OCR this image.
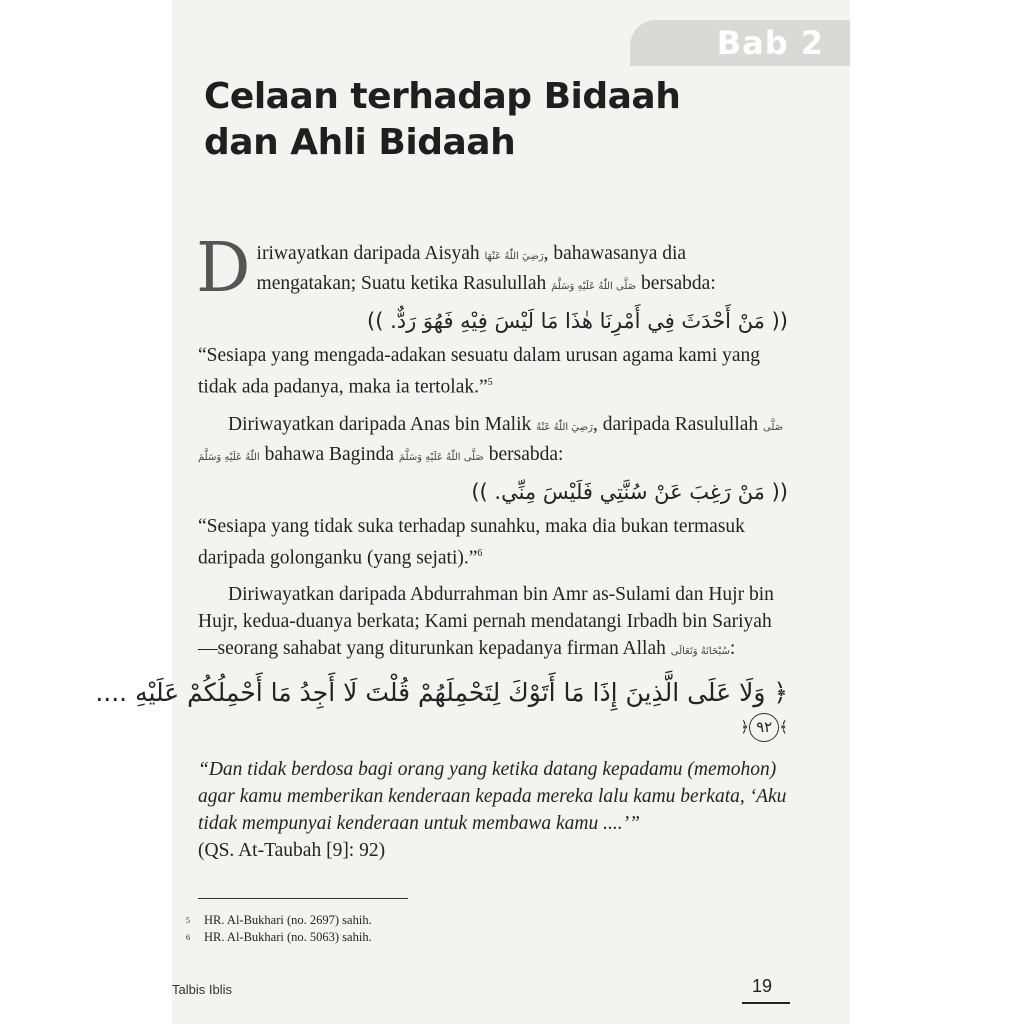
Bab 2
Celaan terhadap Bidaah
dan Ahli Bidaah

Diriwayatkan daripada Aisyah رَضِيَ اللّٰهُ عَنْهَا, bahawasanya dia mengatakan; Suatu ketika Rasulullah صَلَّى اللّٰهُ عَلَيْهِ وَسَلَّمَ bersabda:

(( مَنْ أَحْدَثَ فِي أَمْرِنَا هٰذَا مَا لَيْسَ فِيْهِ فَهُوَ رَدٌّ. ))

“Sesiapa yang mengada-adakan sesuatu dalam urusan agama kami yang tidak ada padanya, maka ia tertolak.”$^5$

Diriwayatkan daripada Anas bin Malik رَضِيَ اللّٰهُ عَنْهُ, daripada Rasulullah صَلَّى اللّٰهُ عَلَيْهِ وَسَلَّمَ bahawa Baginda صَلَّى اللّٰهُ عَلَيْهِ وَسَلَّمَ bersabda:

(( مَنْ رَغِبَ عَنْ سُنَّتِي فَلَيْسَ مِنِّي. ))

“Sesiapa yang tidak suka terhadap sunahku, maka dia bukan termasuk daripada golonganku (yang sejati).”$^6$

Diriwayatkan daripada Abdurrahman bin Amr as-Sulami dan Hujr bin Hujr, kedua-duanya berkata; Kami pernah mendatangi Irbadh bin Sariyah —seorang sahabat yang diturunkan kepadanya firman Allah سُبْحَانَهُ وَتَعَالَى:

﴿ وَلَا عَلَى الَّذِينَ إِذَا مَا أَتَوْكَ لِتَحْمِلَهُمْ قُلْتَ لَا أَجِدُ مَا أَحْمِلُكُمْ عَلَيْهِ ....
﴾٩٢﴿

“Dan tidak berdosa bagi orang yang ketika datang kepadamu (memohon) agar kamu memberikan kenderaan kepada mereka lalu kamu berkata, ‘Aku tidak mempunyai kenderaan untuk membawa kamu ....’”

(QS. At-Taubah [9]: 92)

5	HR. Al-Bukhari (no. 2697) sahih.
6	HR. Al-Bukhari (no. 5063) sahih.
Talbis Iblis	19
